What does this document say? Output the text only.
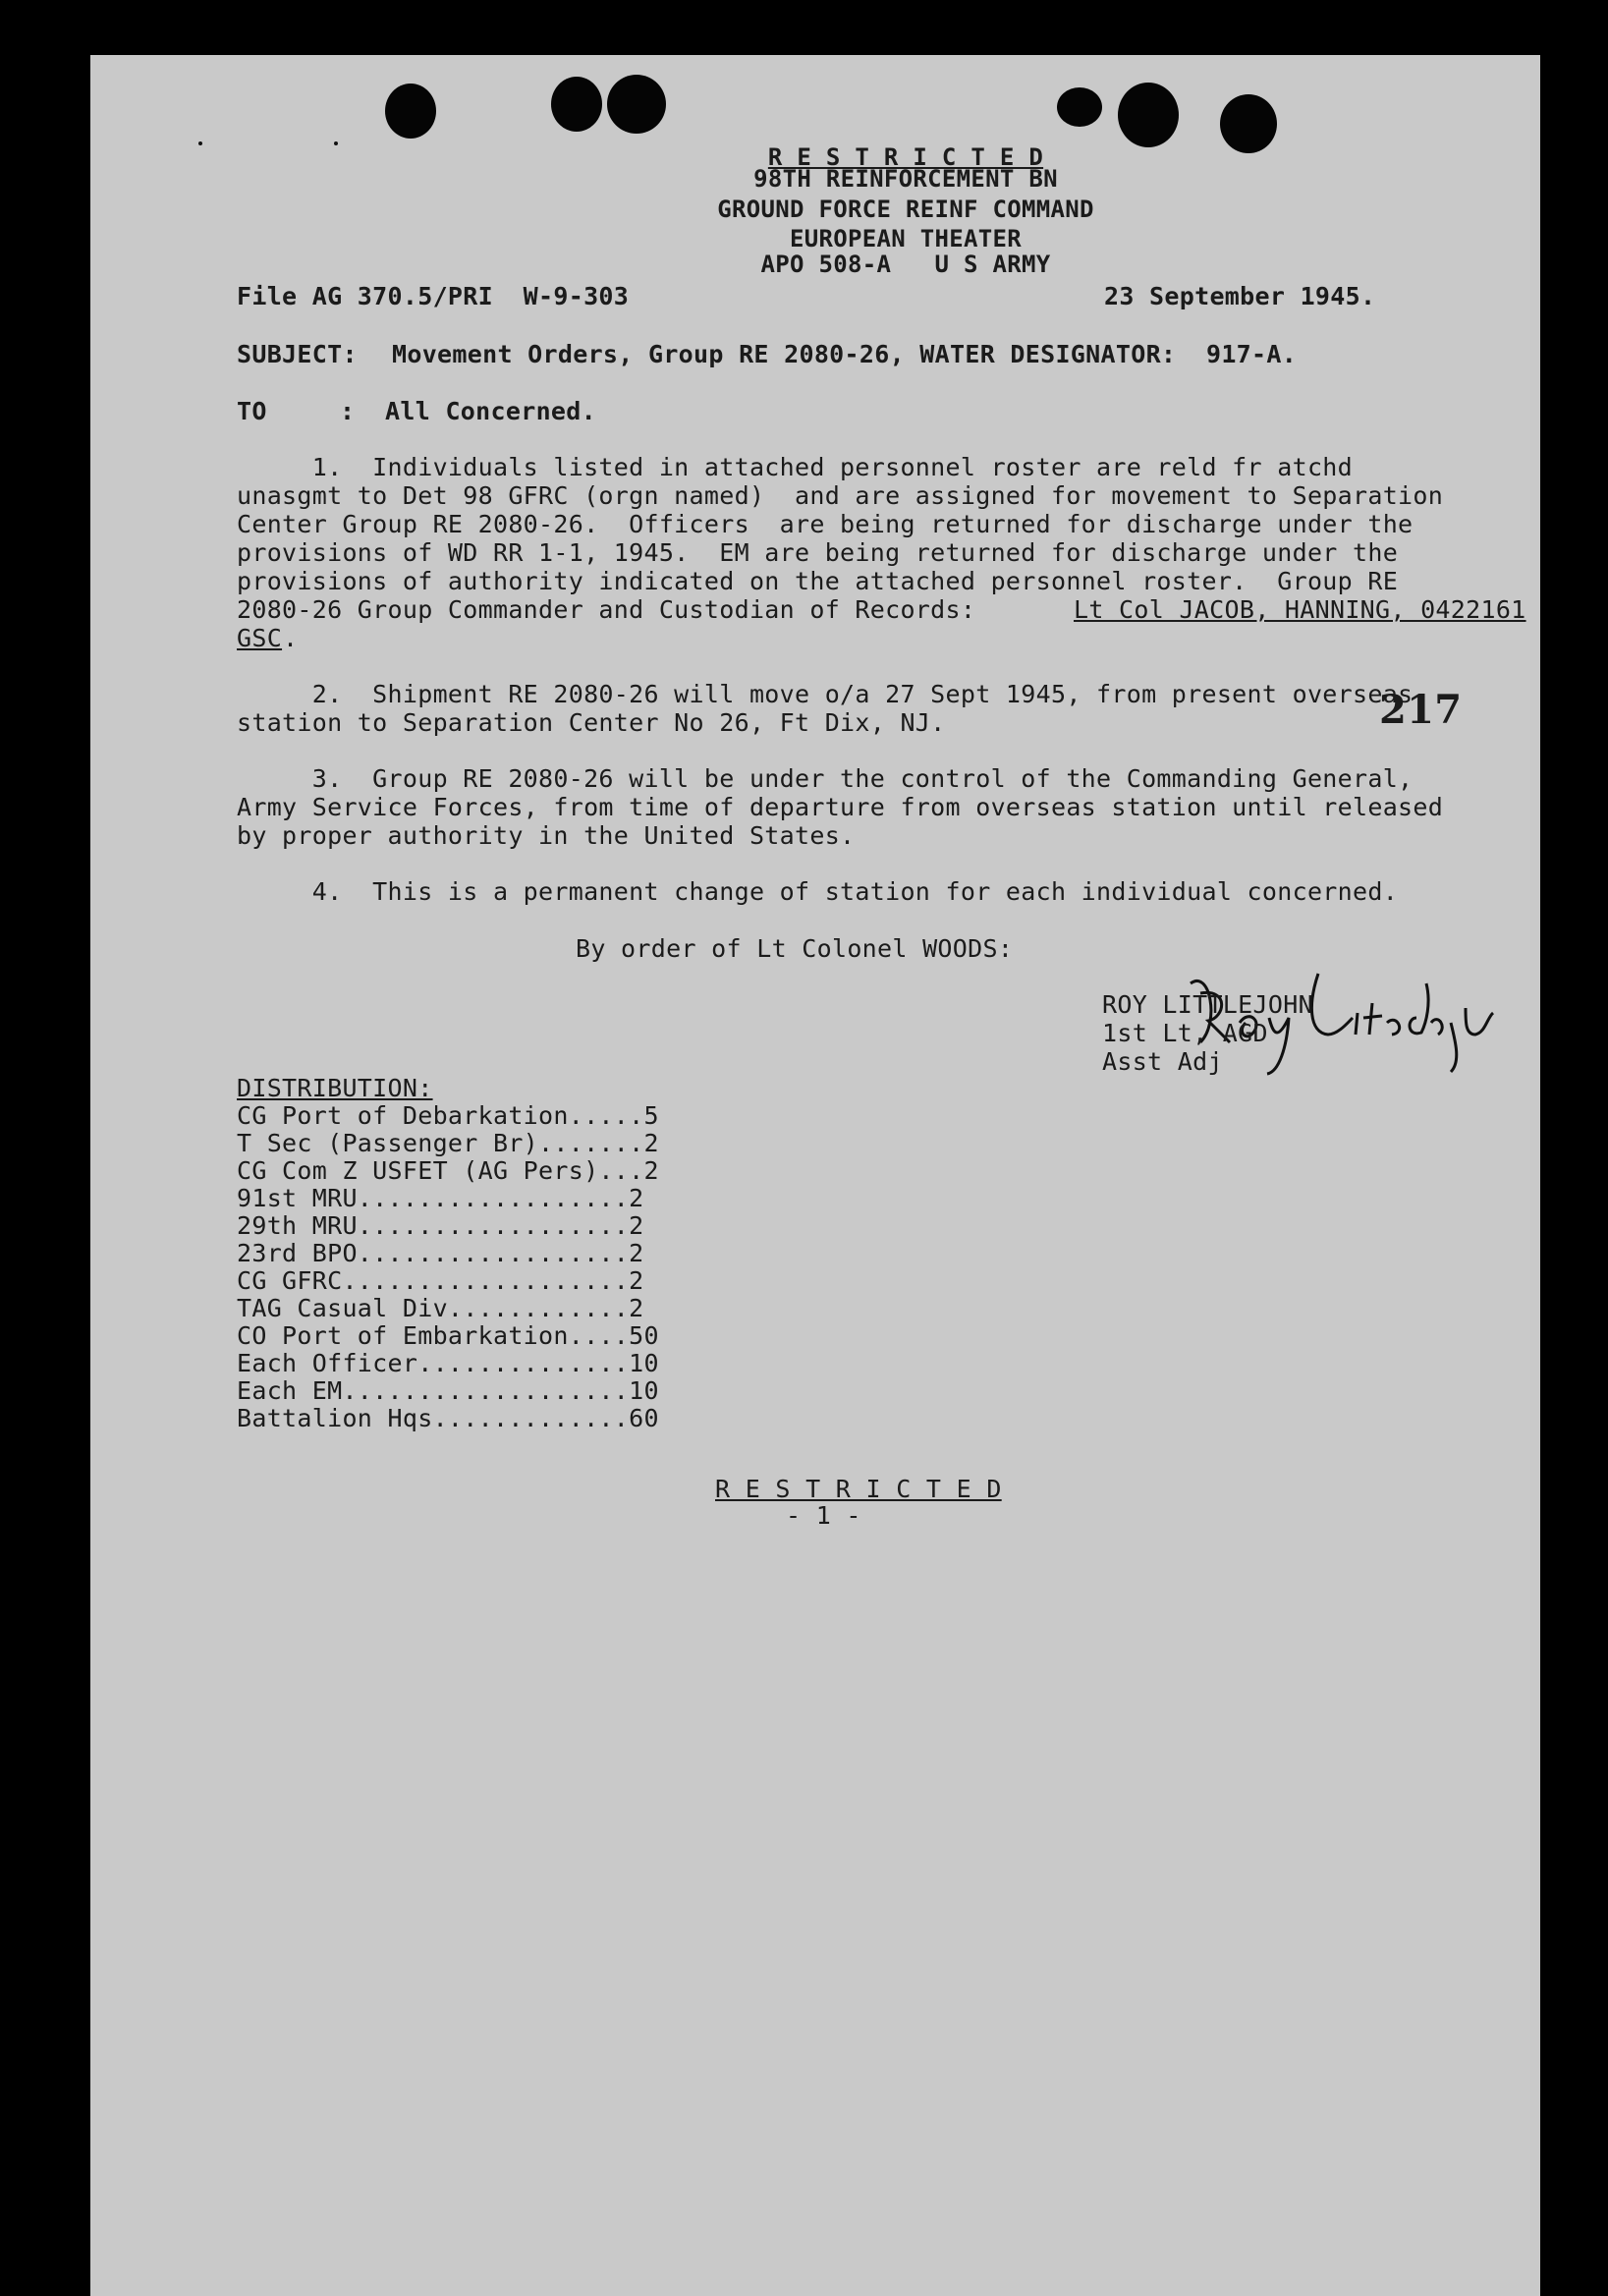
R E S T R I C T E D
98TH REINFORCEMENT BN
GROUND FORCE REINF COMMAND
EUROPEAN THEATER
APO 508-A   U S ARMY
File AG 370.5/PRI  W-9-303	23 September 1945.
SUBJECT: Movement Orders, Group RE 2080-26, WATER DESIGNATOR:  917-A.
TO	:  All Concerned.
1.  Individuals listed in attached personnel roster are reld fr atchd
unasgmt to Det 98 GFRC (orgn named)  and are assigned for movement to Separation
Center Group RE 2080-26.  Officers  are being returned for discharge under the
provisions of WD RR 1-1, 1945.  EM are being returned for discharge under the
provisions of authority indicated on the attached personnel roster.  Group RE
2080-26 Group Commander and Custodian of Records:	Lt Col JACOB, HANNING, 0422161
GSC .
2.  Shipment RE 2080-26 will move o/a 27 Sept 1945, from present overseas
station to Separation Center No 26, Ft Dix, NJ.	217
3.  Group RE 2080-26 will be under the control of the Commanding General,
Army Service Forces, from time of departure from overseas station until released
by proper authority in the United States.
4.  This is a permanent change of station for each individual concerned.
By order of Lt Colonel WOODS:
ROY LITTLEJOHN
1st Lt, AGD
Asst Adj
DISTRIBUTION:
CG Port of Debarkation.....5
T Sec (Passenger Br).......2
CG Com Z USFET (AG Pers)...2
91st MRU..................2
29th MRU..................2
23rd BPO..................2
CG GFRC...................2
TAG Casual Div............2
CO Port of Embarkation....50
Each Officer..............10
Each EM...................10
Battalion Hqs.............60
R E S T R I C T E D
- 1 -
